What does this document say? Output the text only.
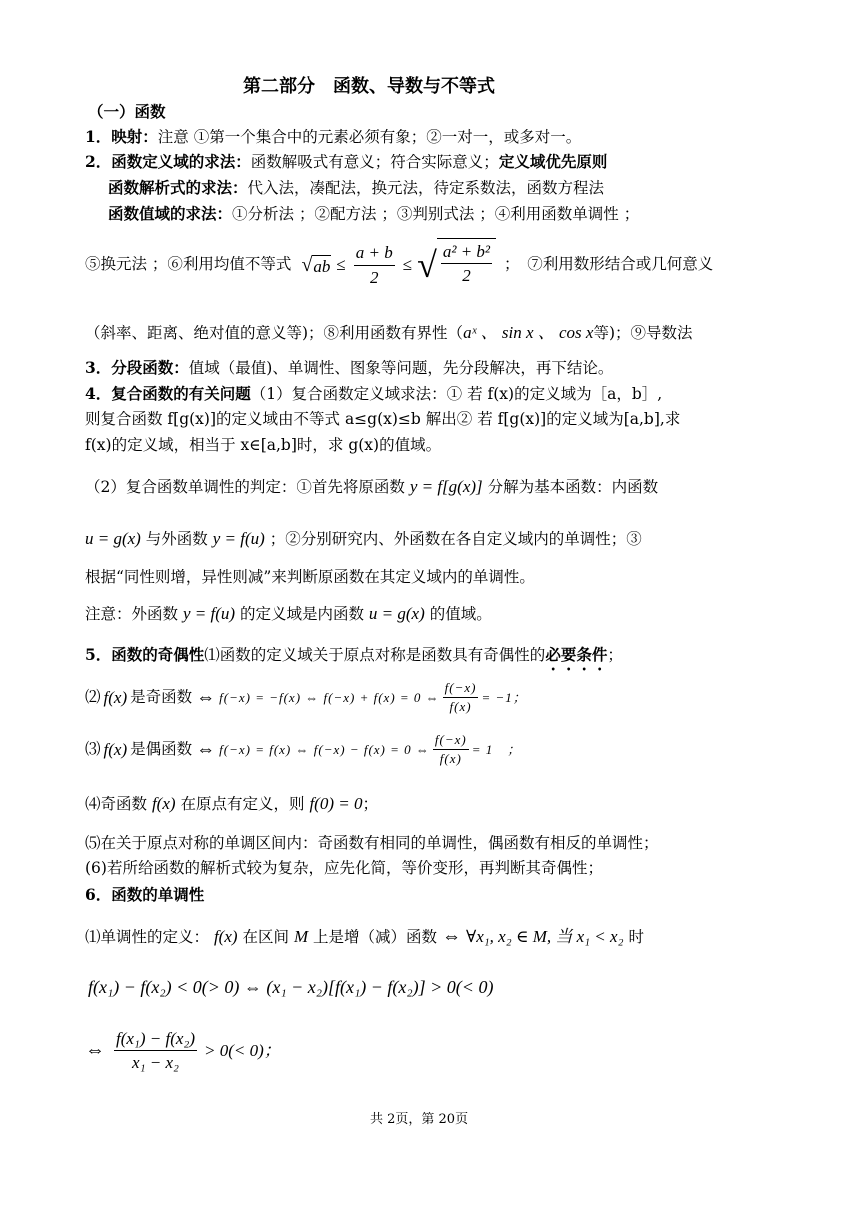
第二部分　函数、导数与不等式
（一）函数
1．映射：注意 ①第一个集合中的元素必须有象；②一对一，或多对一。
2．函数定义域的求法：函数解吸式有意义；符合实际意义；定义域优先原则
函数解析式的求法：代入法，凑配法，换元法，待定系数法，函数方程法
函数值域的求法：①分析法 ；②配方法 ；③判别式法 ；④利用函数单调性 ；
⑤换元法 ；⑥利用均值不等式 √ ab ≤ $\frac{a + b}{2}$ ≤ √ $\frac{\text{a² + b²}}{2}$ ；　⑦利用数形结合或几何意义
（斜率、距离、绝对值的意义等)；⑧利用函数有界性（aˣ 、 sin x 、 cos x等)；⑨导数法
3．分段函数：值域（最值)、单调性、图象等问题，先分段解决，再下结论。
4．复合函数的有关问题（1）复合函数定义域求法：① 若 f(x)的定义域为［a，b］,
则复合函数 f[g(x)]的定义域由不等式 a≤g(x)≤b 解出② 若 f[g(x)]的定义域为[a,b],求
f(x)的定义域，相当于 x∈[a,b]时，求 g(x)的值域。
（2）复合函数单调性的判定：①首先将原函数 y = f[g(x)] 分解为基本函数：内函数
u = g(x) 与外函数 y = f(u) ；②分别研究内、外函数在各自定义域内的单调性；③
根据“同性则增，异性则减”来判断原函数在其定义域内的单调性。
注意：外函数 y = f(u) 的定义域是内函数 u = g(x) 的值域。
5．函数的奇偶性⑴函数的定义域关于原点对称是函数具有奇偶性的必要条件；
⑵ f(x) 是奇函数 ⇔ f(−x) = −f(x) ⇔ f(−x) + f(x) = 0 ⇔ $\frac{f(-x)}{f(x)} = -1$；
⑶ f(x) 是偶函数 ⇔ f(−x) = f(x) ⇔ f(−x) − f(x) = 0 ⇔ $\frac{f(-x)}{f(x)} = 1$　；
⑷奇函数 f(x) 在原点有定义，则 f(0) = 0；
⑸在关于原点对称的单调区间内：奇函数有相同的单调性，偶函数有相反的单调性；
(6)若所给函数的解析式较为复杂，应先化简，等价变形，再判断其奇偶性；
6．函数的单调性
⑴单调性的定义： f(x) 在区间 M 上是增（减）函数 ⇔ ∀x₁, x₂ ∈ M, 当 x₁ < x₂ 时
f(x₁) − f(x₂) < 0(> 0) ⇔ (x₁ − x₂)[f(x₁) − f(x₂)] > 0(< 0)
⇔ $\frac{\text{f(x₁) − f(x₂)}}{\text{x₁ − x₂}} > 0(< 0)$；
共 2页，第 20页
